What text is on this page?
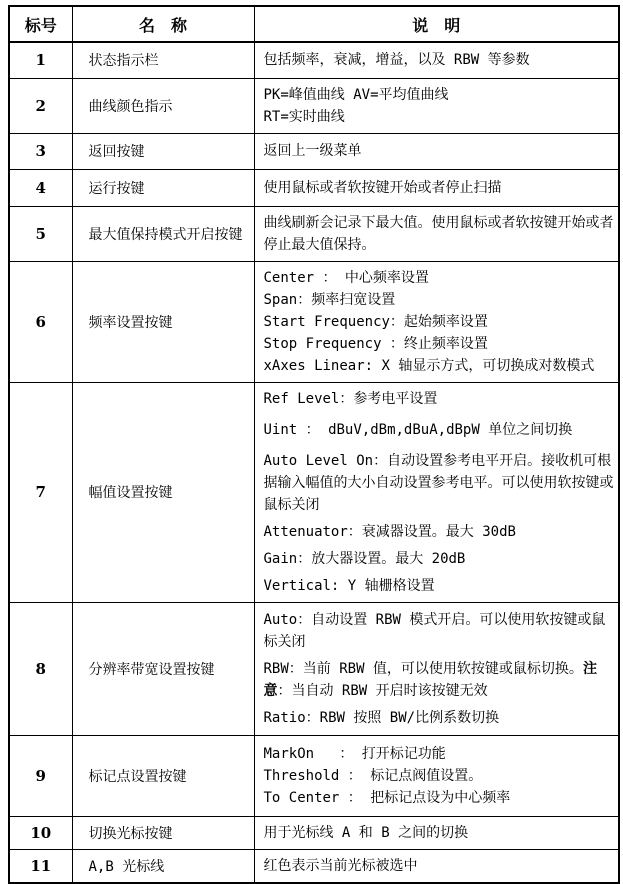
标号	名　称	说　明
1	状态指示栏	包括频率，衰减，增益，以及 RBW 等参数

2	曲线颜色指示	PK=峰值曲线 AV=平均值曲线
RT=实时曲线

3	返回按键	返回上一级菜单

4	运行按键	使用鼠标或者软按键开始或者停止扫描

5	最大值保持模式开启按键	曲线刷新会记录下最大值。使用鼠标或者软按键开始或者停止最大值保持。

6	频率设置按键	Center ： 中心频率设置
Span：频率扫宽设置
Start Frequency：起始频率设置
Stop Frequency ：终止频率设置
xAxes Linear: X 轴显示方式，可切换成对数模式

7	幅值设置按键	
Ref Level：参考电平设置
Uint ： dBuV,dBm,dBuA,dBpW 单位之间切换
Auto Level On：自动设置参考电平开启。接收机可根据输入幅值的大小自动设置参考电平。可以使用软按键或鼠标关闭
Attenuator：衰减器设置。最大 30dB
Gain：放大器设置。最大 20dB
Vertical: Y 轴栅格设置

8	分辨率带宽设置按键	Auto：自动设置 RBW 模式开启。可以使用软按键或鼠标关闭
RBW：当前 RBW 值，可以使用软按键或鼠标切换。注意：当自动 RBW 开启时该按键无效
Ratio：RBW 按照 BW/比例系数切换

9	标记点设置按键	MarkOn   ： 打开标记功能
Threshold ： 标记点阀值设置。
To Center ： 把标记点设为中心频率

10	切换光标按键	用于光标线 A 和 B 之间的切换

11	A,B 光标线	红色表示当前光标被选中
